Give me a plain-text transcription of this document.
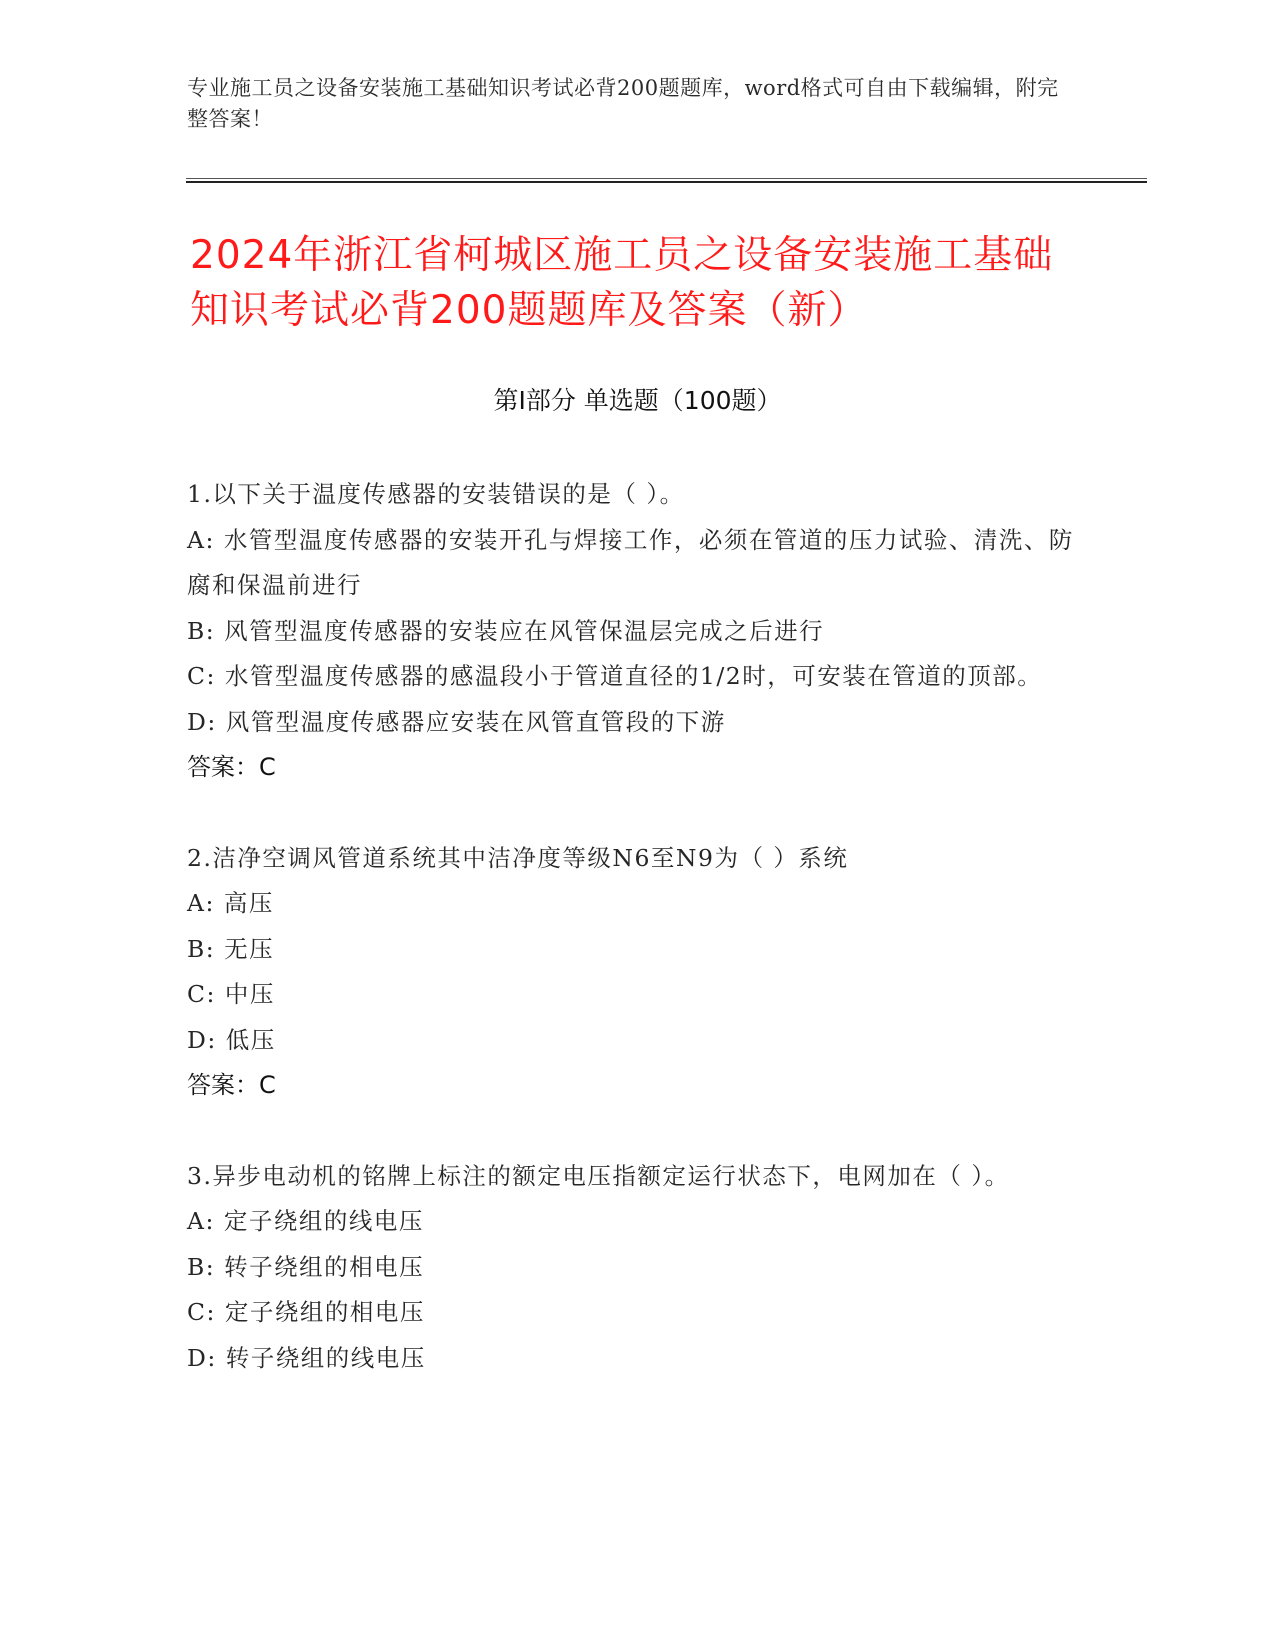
专业施工员之设备安装施工基础知识考试必背200题题库，word格式可自由下载编辑，附完整答案！
2024年浙江省柯城区施工员之设备安装施工基础知识考试必背200题题库及答案（新）
第Ⅰ部分 单选题（100题）
1.以下关于温度传感器的安装错误的是（ ）。
A: 水管型温度传感器的安装开孔与焊接工作，必须在管道的压力试验、清洗、防腐和保温前进行
B: 风管型温度传感器的安装应在风管保温层完成之后进行
C: 水管型温度传感器的感温段小于管道直径的1/2时，可安装在管道的顶部。
D: 风管型温度传感器应安装在风管直管段的下游
答案：C
2.洁净空调风管道系统其中洁净度等级N6至N9为（ ）系统
A: 高压
B: 无压
C: 中压
D: 低压
答案：C
3.异步电动机的铭牌上标注的额定电压指额定运行状态下，电网加在（ ）。
A: 定子绕组的线电压
B: 转子绕组的相电压
C: 定子绕组的相电压
D: 转子绕组的线电压
